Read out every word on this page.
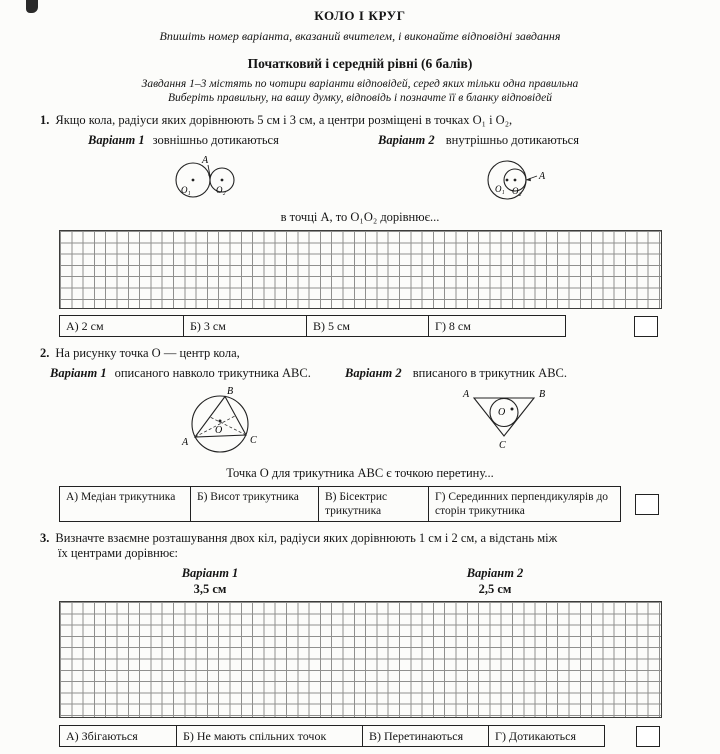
КОЛО І КРУГ
Впишіть номер варіанта, вказаний вчителем, і виконайте відповідні завдання
Початковий і середній рівні (6 балів)
Завдання 1–3 містять по чотири варіанти відповідей, серед яких тільки одна правильна
Виберіть правильну, на вашу думку, відповідь і позначте її в бланку відповідей
1. Якщо кола, радіуси яких дорівнюють 5 см і 3 см, а центри розміщені в точках O₁ і O₂,
Варіант 1 зовнішньо дотикаються	Варіант 2 внутрішньо дотикаються
O₁	O₂
A
O₁ O₂
A
в точці A, то O₁O₂ дорівнює...
А) 2 см	Б) 3 см	В) 5 см	Г) 8 см
2. На рисунку точка O — центр кола,
Варіант 1 описаного навколо трикутника ABC.	Варіант 2 вписаного в трикутник ABC.
O
A
B
C
O
A	B
C
Точка O для трикутника ABC є точкою перетину...
А) Медіан трикутника	Б) Висот трикутника	В) Бісектрис трикутника
Г) Серединних перпендикулярів до сторін трикутника
3. Визначте взаємне розташування двох кіл, радіуси яких дорівнюють 1 см і 2 см, а відстань між
їх центрами дорівнює:
Варіант 1
3,5 см
Варіант 2
2,5 см
А) Збігаються	Б) Не мають спільних точок	В) Перетинаються	Г) Дотикаються
